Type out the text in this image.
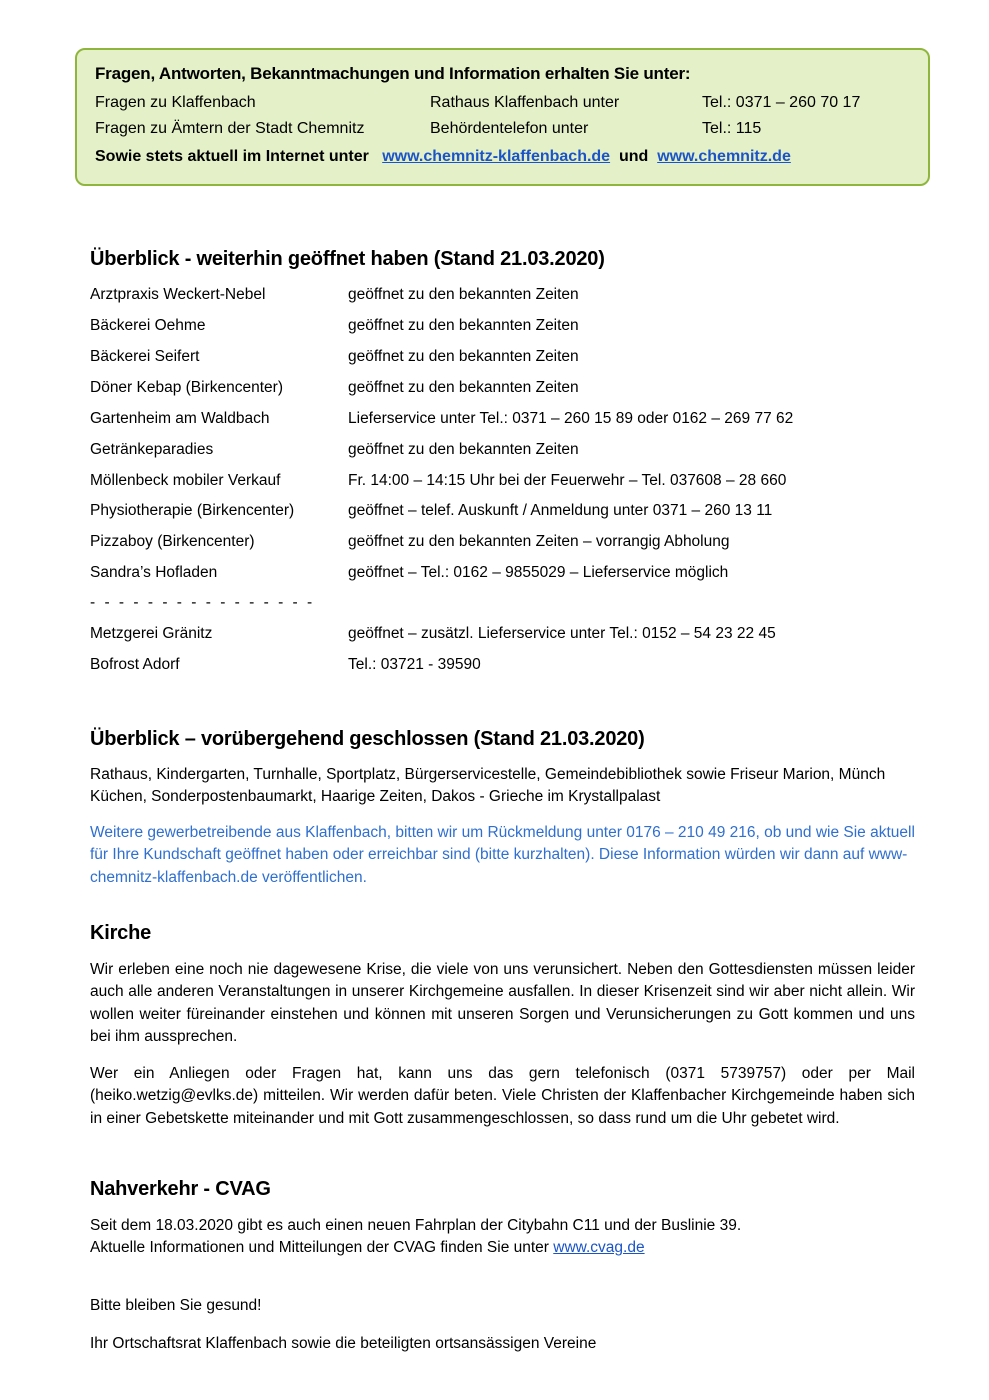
Fragen, Antworten, Bekanntmachungen und Information erhalten Sie unter:
Fragen zu Klaffenbach	Rathaus Klaffenbach unter	Tel.: 0371 – 260 70 17
Fragen zu Ämtern der Stadt Chemnitz	Behördentelefon unter	Tel.: 115
Sowie stets aktuell im Internet unter www.chemnitz-klaffenbach.de und www.chemnitz.de
Überblick - weiterhin geöffnet haben (Stand 21.03.2020)
Arztpraxis Weckert-Nebel	geöffnet zu den bekannten Zeiten
Bäckerei Oehme	geöffnet zu den bekannten Zeiten
Bäckerei Seifert	geöffnet zu den bekannten Zeiten
Döner Kebap (Birkencenter)	geöffnet zu den bekannten Zeiten
Gartenheim am Waldbach	Lieferservice unter Tel.: 0371 – 260 15 89 oder 0162 – 269 77 62
Getränkeparadies	geöffnet zu den bekannten Zeiten
Möllenbeck mobiler Verkauf	Fr. 14:00 – 14:15 Uhr bei der Feuerwehr – Tel. 037608 – 28 660
Physiotherapie (Birkencenter)	geöffnet – telef. Auskunft / Anmeldung unter 0371 – 260 13 11
Pizzaboy (Birkencenter)	geöffnet zu den bekannten Zeiten – vorrangig Abholung
Sandra’s Hofladen	geöffnet – Tel.: 0162 – 9855029 – Lieferservice möglich
- - - - - - - - - - - - - - - -
Metzgerei Gränitz	geöffnet – zusätzl. Lieferservice unter Tel.: 0152 – 54 23 22 45
Bofrost Adorf	Tel.: 03721 - 39590
Überblick – vorübergehend geschlossen (Stand 21.03.2020)
Rathaus, Kindergarten, Turnhalle, Sportplatz, Bürgerservicestelle, Gemeindebibliothek sowie Friseur Marion, Münch Küchen, Sonderpostenbaumarkt, Haarige Zeiten, Dakos - Grieche im Krystallpalast
Weitere gewerbetreibende aus Klaffenbach, bitten wir um Rückmeldung unter 0176 – 210 49 216, ob und wie Sie aktuell für Ihre Kundschaft geöffnet haben oder erreichbar sind (bitte kurzhalten). Diese Information würden wir dann auf www-chemnitz-klaffenbach.de veröffentlichen.
Kirche
Wir erleben eine noch nie dagewesene Krise, die viele von uns verunsichert. Neben den Gottesdiensten müssen leider auch alle anderen Veranstaltungen in unserer Kirchgemeine ausfallen. In dieser Krisenzeit sind wir aber nicht allein. Wir wollen weiter füreinander einstehen und können mit unseren Sorgen und Verunsicherungen zu Gott kommen und uns bei ihm aussprechen.
Wer ein Anliegen oder Fragen hat, kann uns das gern telefonisch (0371 5739757) oder per Mail (heiko.wetzig@evlks.de) mitteilen. Wir werden dafür beten. Viele Christen der Klaffenbacher Kirchgemeinde haben sich in einer Gebetskette miteinander und mit Gott zusammengeschlossen, so dass rund um die Uhr gebetet wird.
Nahverkehr - CVAG
Seit dem 18.03.2020 gibt es auch einen neuen Fahrplan der Citybahn C11 und der Buslinie 39.
Aktuelle Informationen und Mitteilungen der CVAG finden Sie unter www.cvag.de
Bitte bleiben Sie gesund!
Ihr Ortschaftsrat Klaffenbach sowie die beteiligten ortsansässigen Vereine
